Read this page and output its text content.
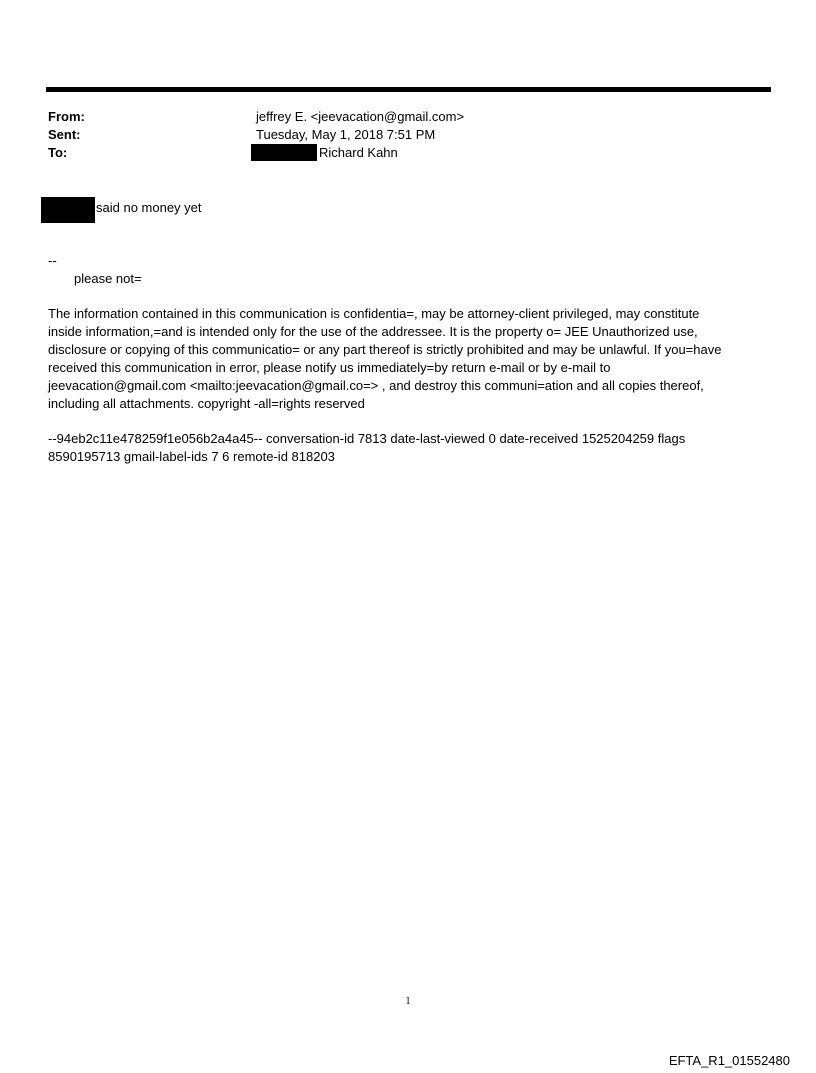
From:	jeffrey E. <jeevacation@gmail.com>
Sent:	Tuesday, May 1, 2018 7:51 PM
To:	Richard Kahn
said no money yet
--
please not=
The information contained in this communication is confidentia=, may be attorney-client privileged, may constitute
inside information,=and is intended only for the use of the addressee. It is the property o= JEE Unauthorized use,
disclosure or copying of this communicatio= or any part thereof is strictly prohibited and may be unlawful. If you=have
received this communication in error, please notify us immediately=by return e-mail or by e-mail to
jeevacation@gmail.com <mailto:jeevacation@gmail.co=> , and destroy this communi=ation and all copies thereof,
including all attachments. copyright -all=rights reserved
--94eb2c11e478259f1e056b2a4a45-- conversation-id 7813 date-last-viewed 0 date-received 1525204259 flags
8590195713 gmail-label-ids 7 6 remote-id 818203
1
EFTA_R1_01552480
